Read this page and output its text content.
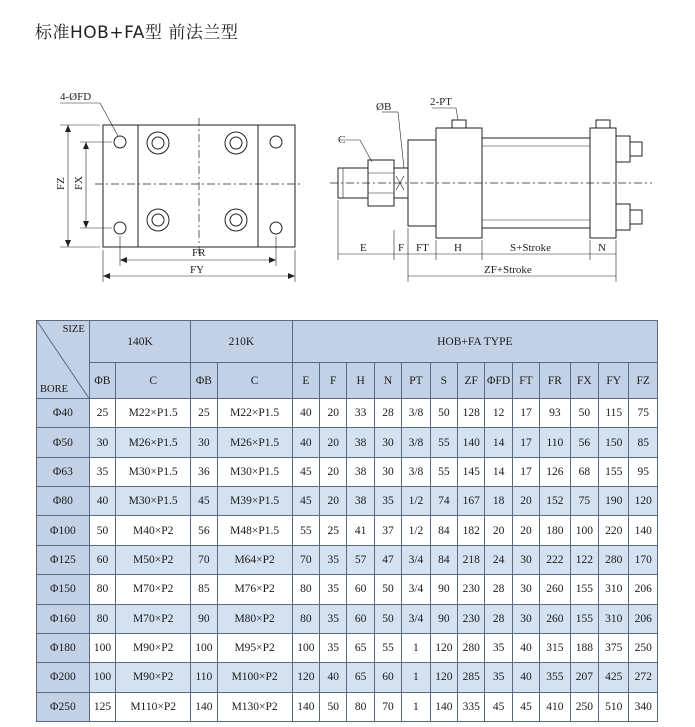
标准HOB+FA型 前法兰型
4-ØFD
FZ FX
FR
FY
ØB	2-PT
C
E	F FT H	S+Stroke	N
ZF+Stroke
SIZE
BORE	140K		210K		HOB+FA TYPE												
	ΦB	C	ΦB	C	E	F	H	N	PT	S	ZF	ΦFD	FT	FR	FX	FY	FZ
Φ40	25	M22×P1.5	25	M22×P1.5	40	20	33	28	3/8	50	128	12	17	93	50	115	75
Φ50	30	M26×P1.5	30	M26×P1.5	40	20	38	30	3/8	55	140	14	17	110	56	150	85
Φ63	35	M30×P1.5	36	M30×P1.5	45	20	38	30	3/8	55	145	14	17	126	68	155	95
Φ80	40	M30×P1.5	45	M39×P1.5	45	20	38	35	1/2	74	167	18	20	152	75	190	120
Φ100	50	M40×P2	56	M48×P1.5	55	25	41	37	1/2	84	182	20	20	180	100	220	140
Φ125	60	M50×P2	70	M64×P2	70	35	57	47	3/4	84	218	24	30	222	122	280	170
Φ150	80	M70×P2	85	M76×P2	80	35	60	50	3/4	90	230	28	30	260	155	310	206
Φ160	80	M70×P2	90	M80×P2	80	35	60	50	3/4	90	230	28	30	260	155	310	206
Φ180	100	M90×P2	100	M95×P2	100	35	65	55	1	120	280	35	40	315	188	375	250
Φ200	100	M90×P2	110	M100×P2	120	40	65	60	1	120	285	35	40	355	207	425	272
Φ250	125	M110×P2	140	M130×P2	140	50	80	70	1	140	335	45	45	410	250	510	340
